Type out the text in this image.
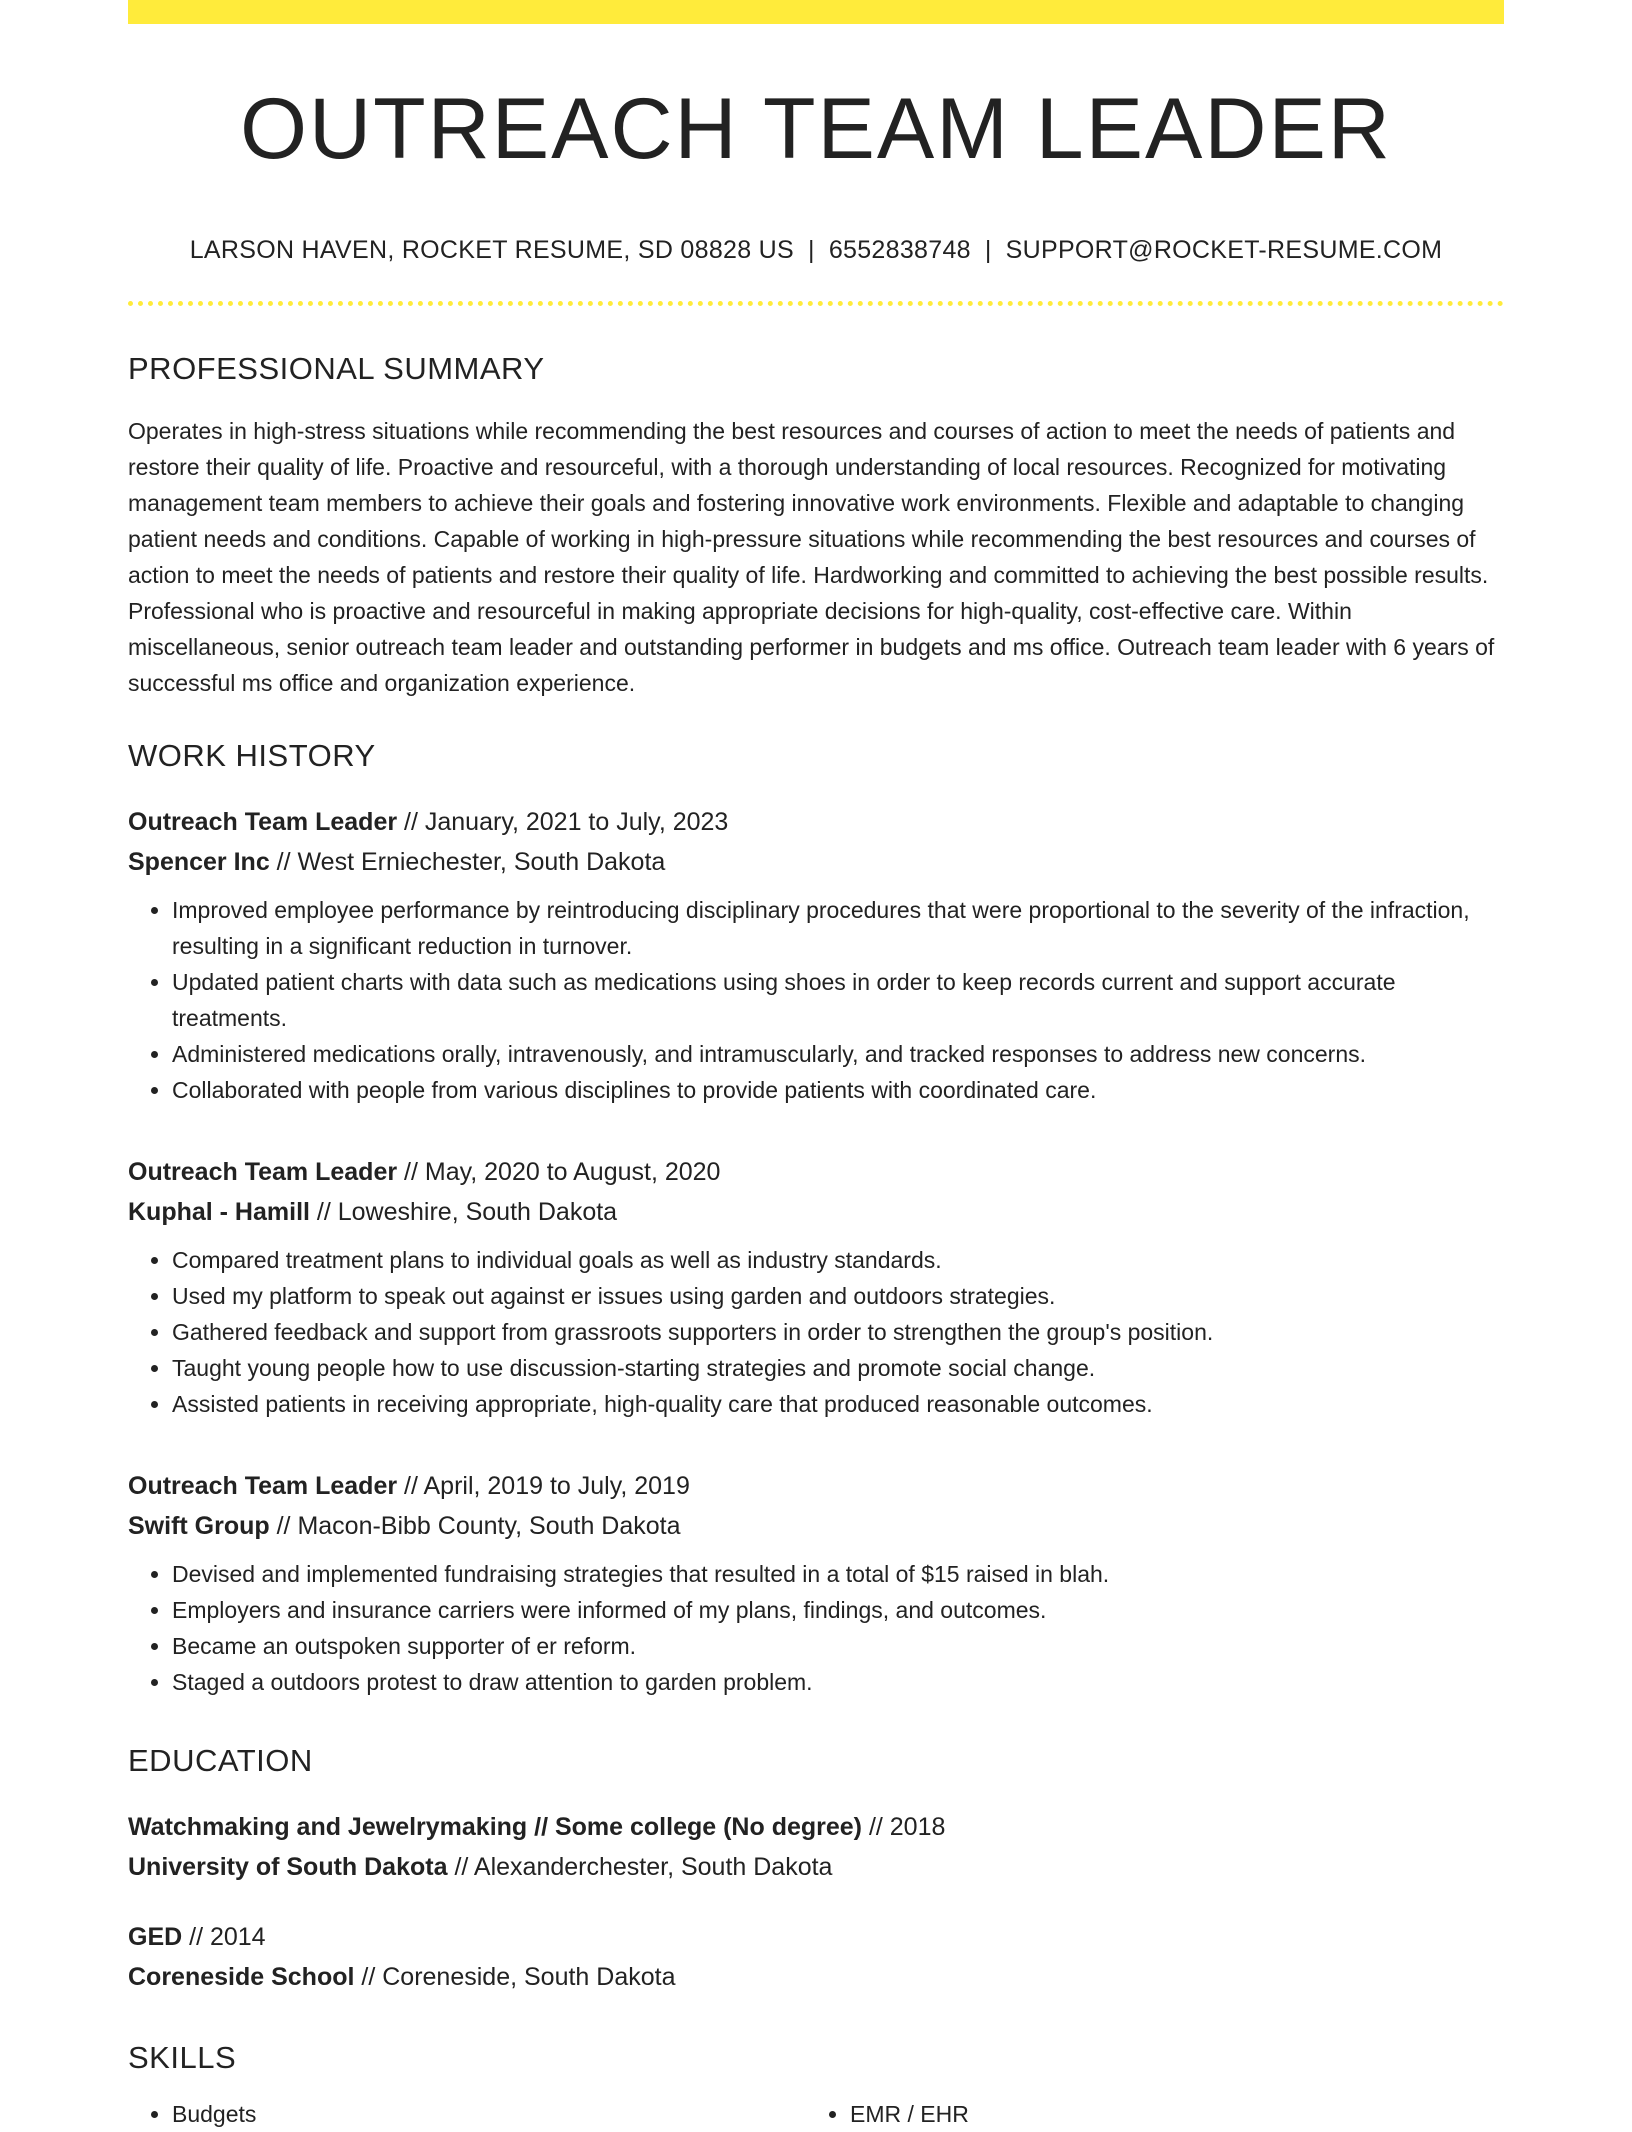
OUTREACH TEAM LEADER
LARSON HAVEN, ROCKET RESUME, SD 08828 US | 6552838748 | SUPPORT@ROCKET-RESUME.COM
PROFESSIONAL SUMMARY
Operates in high-stress situations while recommending the best resources and courses of action to meet the needs of patients and restore their quality of life. Proactive and resourceful, with a thorough understanding of local resources. Recognized for motivating management team members to achieve their goals and fostering innovative work environments. Flexible and adaptable to changing patient needs and conditions. Capable of working in high-pressure situations while recommending the best resources and courses of action to meet the needs of patients and restore their quality of life. Hardworking and committed to achieving the best possible results. Professional who is proactive and resourceful in making appropriate decisions for high-quality, cost-effective care. Within miscellaneous, senior outreach team leader and outstanding performer in budgets and ms office. Outreach team leader with 6 years of successful ms office and organization experience.
WORK HISTORY
Outreach Team Leader // January, 2021 to July, 2023
Spencer Inc // West Erniechester, South Dakota
• Improved employee performance by reintroducing disciplinary procedures that were proportional to the severity of the infraction, resulting in a significant reduction in turnover.
• Updated patient charts with data such as medications using shoes in order to keep records current and support accurate treatments.
• Administered medications orally, intravenously, and intramuscularly, and tracked responses to address new concerns.
• Collaborated with people from various disciplines to provide patients with coordinated care.
Outreach Team Leader // May, 2020 to August, 2020
Kuphal - Hamill // Loweshire, South Dakota
• Compared treatment plans to individual goals as well as industry standards.
• Used my platform to speak out against er issues using garden and outdoors strategies.
• Gathered feedback and support from grassroots supporters in order to strengthen the group's position.
• Taught young people how to use discussion-starting strategies and promote social change.
• Assisted patients in receiving appropriate, high-quality care that produced reasonable outcomes.
Outreach Team Leader // April, 2019 to July, 2019
Swift Group // Macon-Bibb County, South Dakota
• Devised and implemented fundraising strategies that resulted in a total of $15 raised in blah.
• Employers and insurance carriers were informed of my plans, findings, and outcomes.
• Became an outspoken supporter of er reform.
• Staged a outdoors protest to draw attention to garden problem.
EDUCATION
Watchmaking and Jewelrymaking // Some college (No degree) // 2018
University of South Dakota // Alexanderchester, South Dakota
GED // 2014
Coreneside School // Coreneside, South Dakota
SKILLS
• Budgets
•	EMR / EHR
